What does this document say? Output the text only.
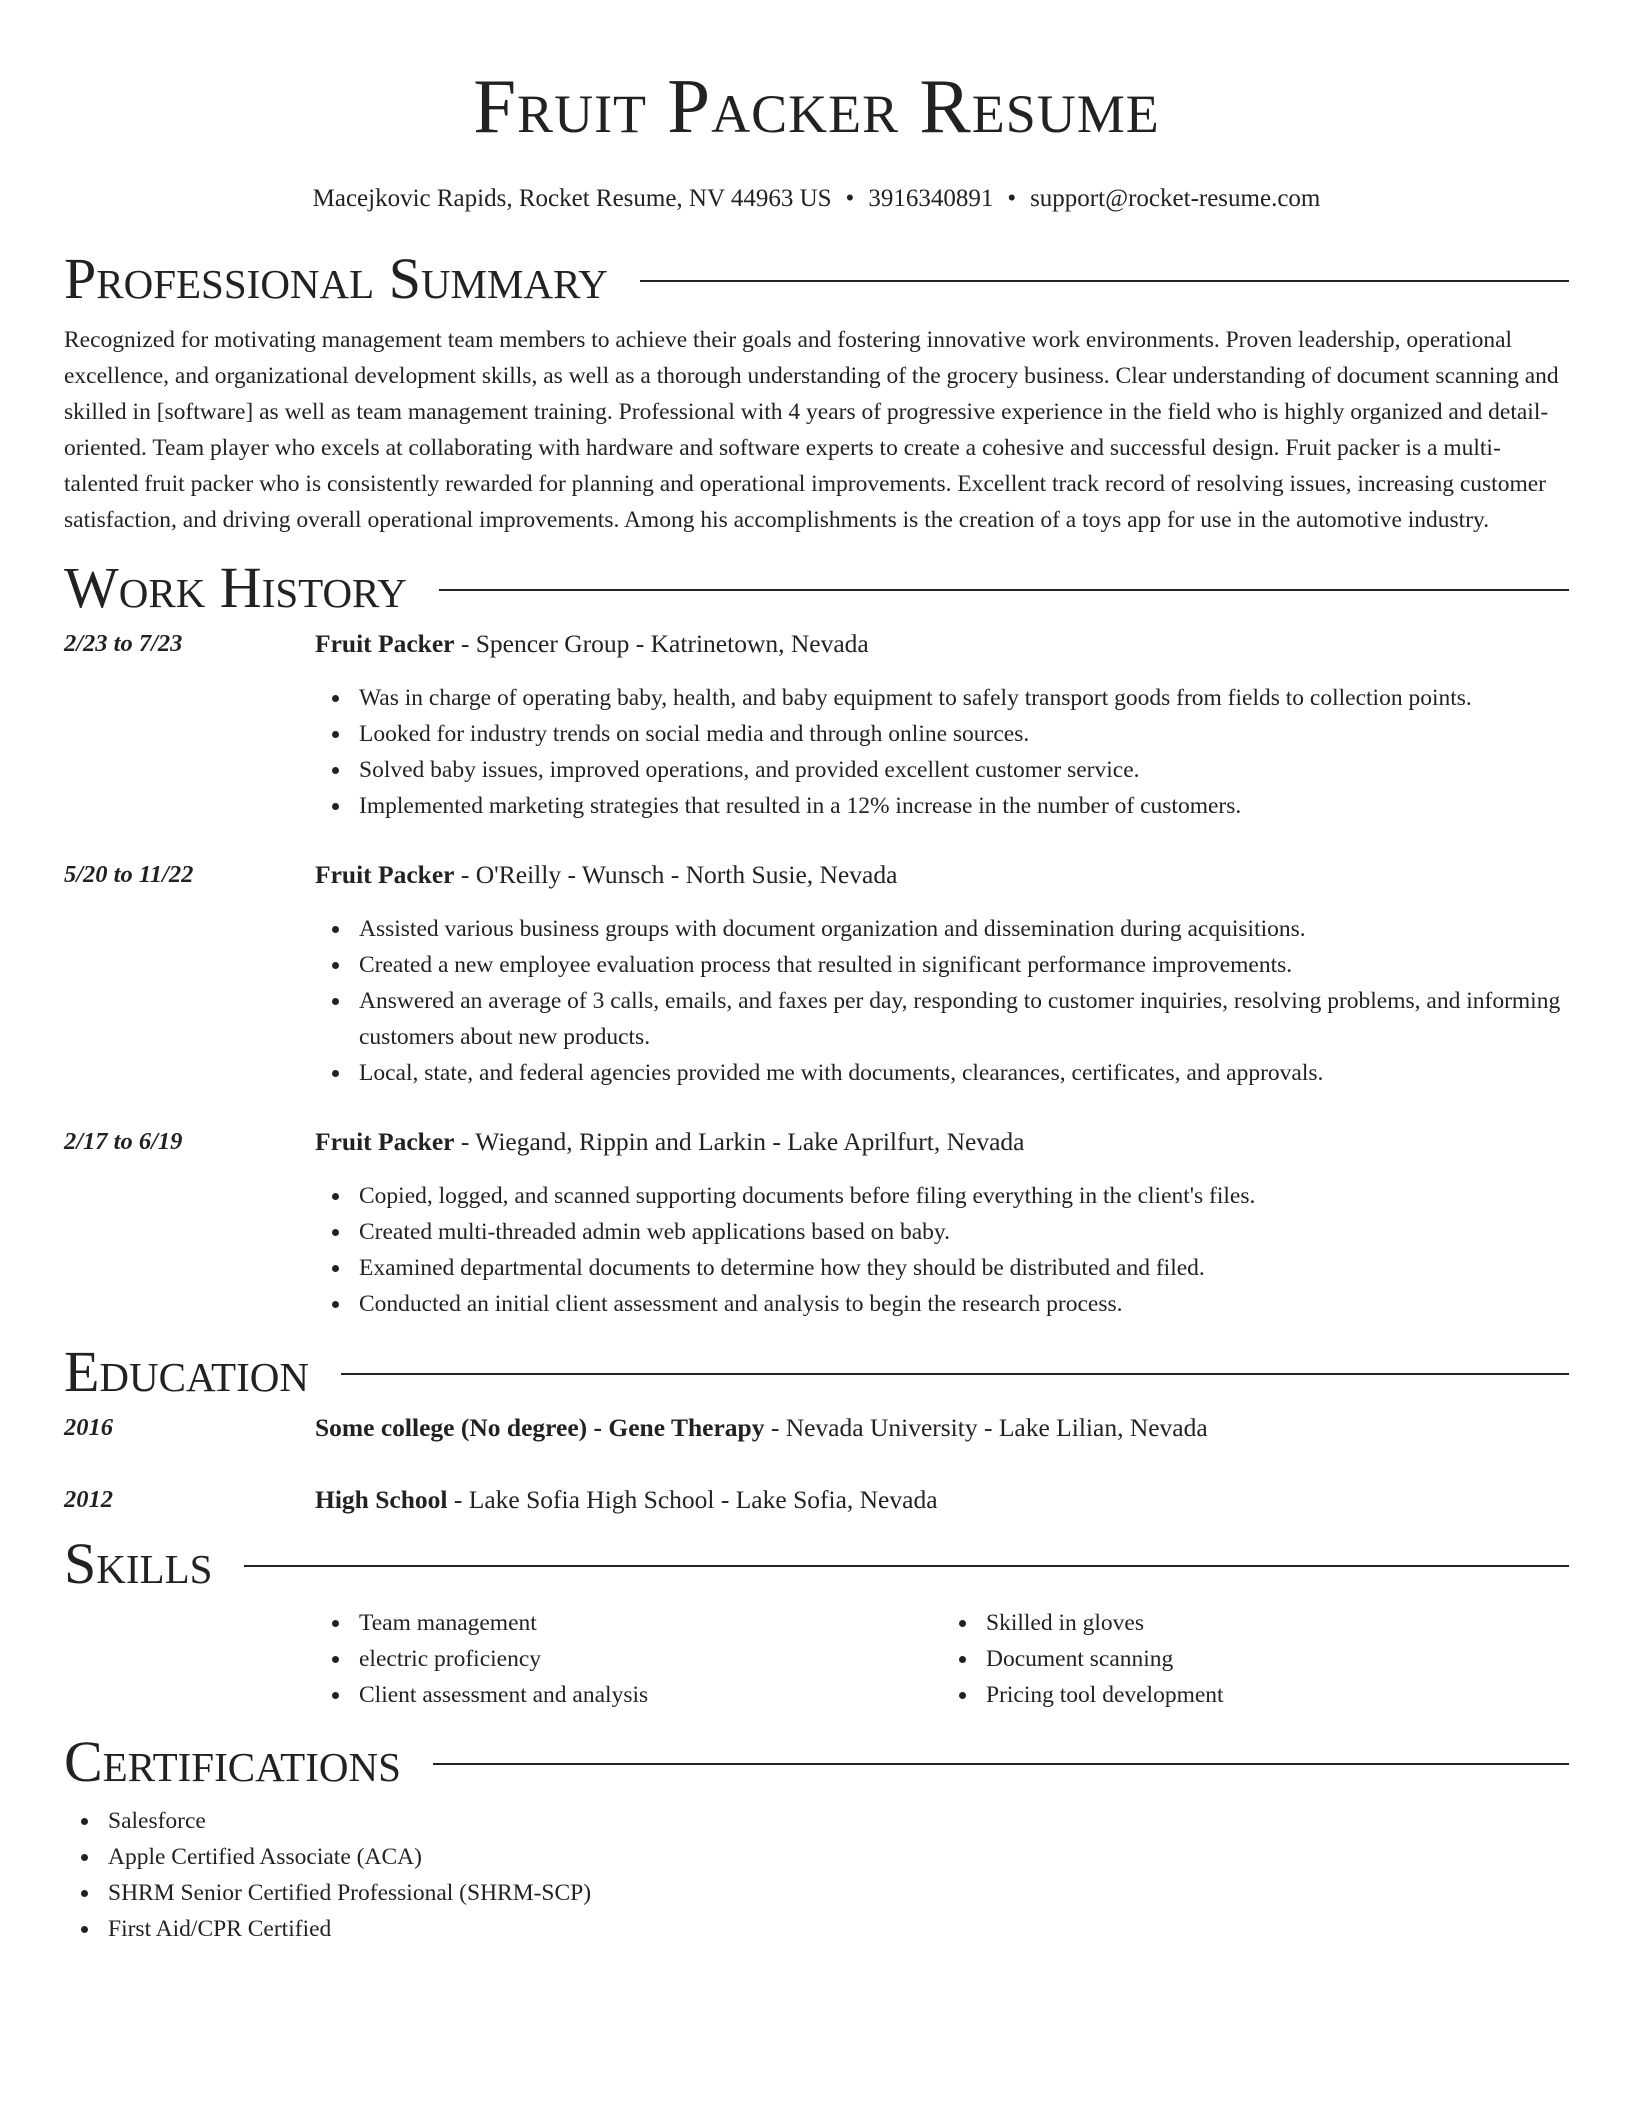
Fruit Packer Resume
Macejkovic Rapids, Rocket Resume, NV 44963 US • 3916340891 • support@rocket-resume.com
Professional Summary

Recognized for motivating management team members to achieve their goals and fostering innovative work environments. Proven leadership, operational excellence, and organizational development skills, as well as a thorough understanding of the grocery business. Clear understanding of document scanning and skilled in [software] as well as team management training. Professional with 4 years of progressive experience in the field who is highly organized and detail-oriented. Team player who excels at collaborating with hardware and software experts to create a cohesive and successful design. Fruit packer is a multi-talented fruit packer who is consistently rewarded for planning and operational improvements. Excellent track record of resolving issues, increasing customer satisfaction, and driving overall operational improvements. Among his accomplishments is the creation of a toys app for use in the automotive industry.

Work History
2/23 to 7/23	Fruit Packer - Spencer Group - Katrinetown, Nevada
Was in charge of operating baby, health, and baby equipment to safely transport goods from fields to collection points.
Looked for industry trends on social media and through online sources.
Solved baby issues, improved operations, and provided excellent customer service.
Implemented marketing strategies that resulted in a 12% increase in the number of customers.
5/20 to 11/22	Fruit Packer - O'Reilly - Wunsch - North Susie, Nevada
Assisted various business groups with document organization and dissemination during acquisitions.
Created a new employee evaluation process that resulted in significant performance improvements.
Answered an average of 3 calls, emails, and faxes per day, responding to customer inquiries, resolving problems, and informing customers about new products.
Local, state, and federal agencies provided me with documents, clearances, certificates, and approvals.
2/17 to 6/19	Fruit Packer - Wiegand, Rippin and Larkin - Lake Aprilfurt, Nevada
Copied, logged, and scanned supporting documents before filing everything in the client's files.
Created multi-threaded admin web applications based on baby.
Examined departmental documents to determine how they should be distributed and filed.
Conducted an initial client assessment and analysis to begin the research process.
Education
2016	Some college (No degree) - Gene Therapy - Nevada University - Lake Lilian, Nevada
2012	High School - Lake Sofia High School - Lake Sofia, Nevada
Skills
Team management
electric proficiency
Client assessment and analysis
Skilled in gloves
Document scanning
Pricing tool development
Certifications
Salesforce
Apple Certified Associate (ACA)
SHRM Senior Certified Professional (SHRM-SCP)
First Aid/CPR Certified
